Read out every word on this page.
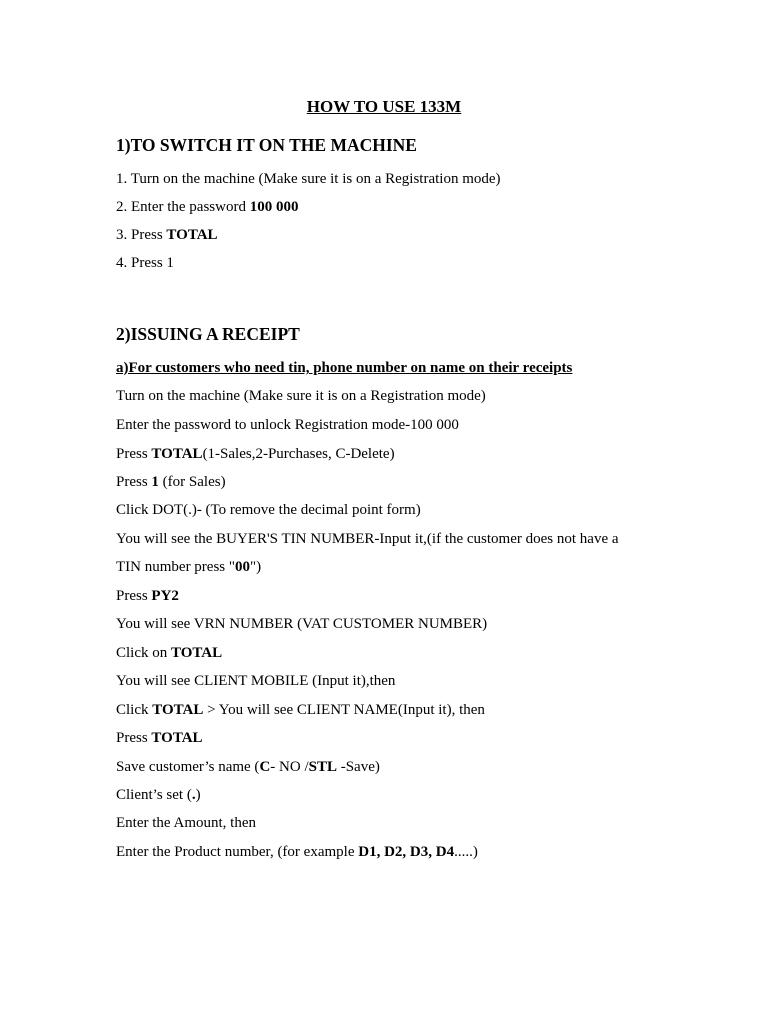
HOW TO USE 133M
1)TO SWITCH IT ON THE MACHINE
1. Turn on the machine (Make sure it is on a Registration mode)
2. Enter the password 100 000
3. Press TOTAL
4. Press 1
2)ISSUING A RECEIPT
a)For customers who need tin, phone number on name on their receipts
Turn on the machine (Make sure it is on a Registration mode)
Enter the password to unlock Registration mode-100 000
Press TOTAL(1-Sales,2-Purchases, C-Delete)
Press 1 (for Sales)
Click DOT(.)- (To remove the decimal point form)
You will see the BUYER'S TIN NUMBER-Input it,(if the customer does not have a
TIN number press "00")
Press PY2
You will see VRN NUMBER (VAT CUSTOMER NUMBER)
Click on TOTAL
You will see CLIENT MOBILE (Input it),then
Click TOTAL > You will see CLIENT NAME(Input it), then
Press TOTAL
Save customer’s name (C- NO /STL -Save)
Client’s set (.)
Enter the Amount, then
Enter the Product number, (for example D1, D2, D3, D4.....)
